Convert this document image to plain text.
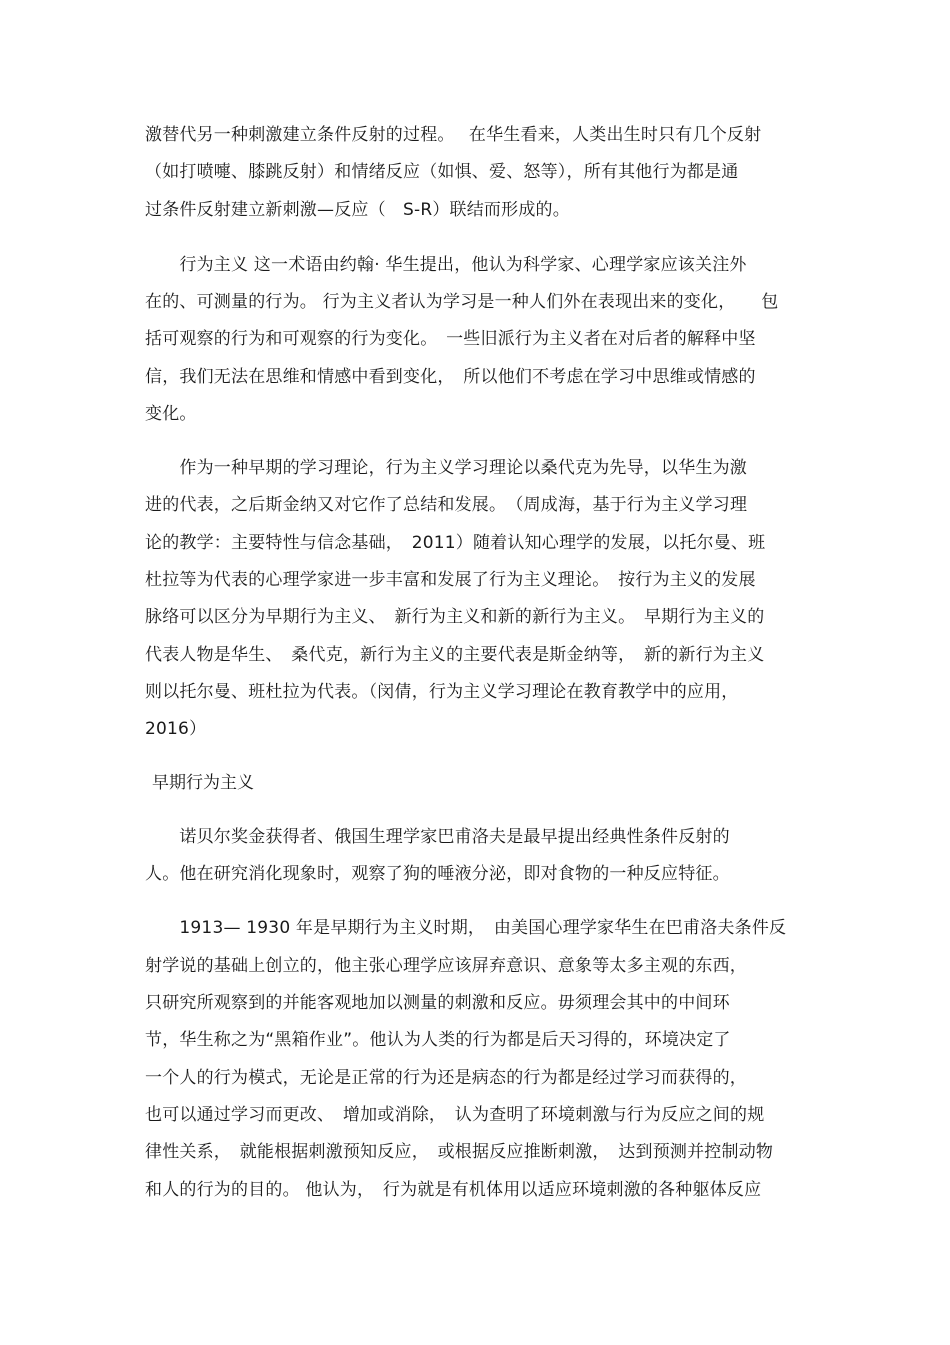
激替代另一种刺激建立条件反射的过程。　 在华生看来，人类出生时只有几个反射
（如打喷嚏、膝跳反射）和情绪反应（如惧、爱、怒等），所有其他行为都是通
过条件反射建立新刺激—反应（　S-R）联结而形成的。
　　行为主义 这一术语由约翰· 华生提出，他认为科学家、心理学家应该关注外
在的、可测量的行为。 行为主义者认为学习是一种人们外在表现出来的变化，　　包
括可观察的行为和可观察的行为变化。　一些旧派行为主义者在对后者的解释中坚
信，我们无法在思维和情感中看到变化，　所以他们不考虑在学习中思维或情感的
变化。
　　作为一种早期的学习理论，行为主义学习理论以桑代克为先导，以华生为激
进的代表，之后斯金纳又对它作了总结和发展。　（周成海，基于行为主义学习理
论的教学：主要特性与信念基础，　2011）随着认知心理学的发展，以托尔曼、班
杜拉等为代表的心理学家进一步丰富和发展了行为主义理论。　按行为主义的发展
脉络可以区分为早期行为主义、　新行为主义和新的新行为主义。　早期行为主义的
代表人物是华生、　桑代克，新行为主义的主要代表是斯金纳等，　新的新行为主义
则以托尔曼、班杜拉为代表。（闵倩，行为主义学习理论在教育教学中的应用，
2016）
早期行为主义
　　诺贝尔奖金获得者、俄国生理学家巴甫洛夫是最早提出经典性条件反射的
人。他在研究消化现象时，观察了狗的唾液分泌，即对食物的一种反应特征。
　　1913— 1930 年是早期行为主义时期，　由美国心理学家华生在巴甫洛夫条件反
射学说的基础上创立的，他主张心理学应该屏弃意识、意象等太多主观的东西，
只研究所观察到的并能客观地加以测量的刺激和反应。毋须理会其中的中间环
节，华生称之为“黑箱作业”。他认为人类的行为都是后天习得的，环境决定了
一个人的行为模式，无论是正常的行为还是病态的行为都是经过学习而获得的，
也可以通过学习而更改、　增加或消除，　认为查明了环境刺激与行为反应之间的规
律性关系，　就能根据刺激预知反应，　或根据反应推断刺激，　达到预测并控制动物
和人的行为的目的。 他认为，　行为就是有机体用以适应环境刺激的各种躯体反应
